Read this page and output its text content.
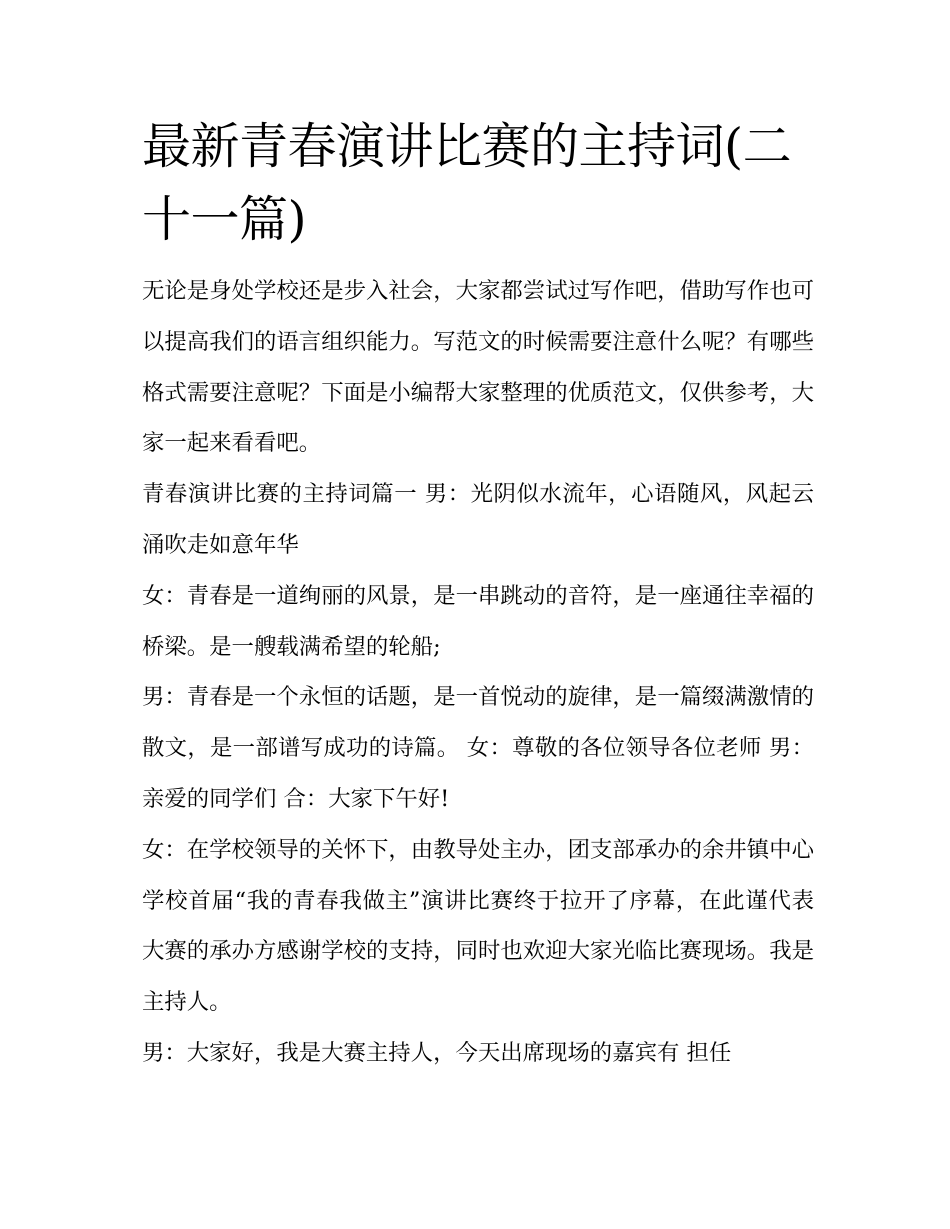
最新青春演讲比赛的主持词(二十一篇)

无论是身处学校还是步入社会，大家都尝试过写作吧，借助写作也可以提高我们的语言组织能力。写范文的时候需要注意什么呢？有哪些格式需要注意呢？下面是小编帮大家整理的优质范文，仅供参考，大家一起来看看吧。

青春演讲比赛的主持词篇一 男：光阴似水流年，心语随风，风起云涌吹走如意年华

女：青春是一道绚丽的风景，是一串跳动的音符，是一座通往幸福的桥梁。是一艘载满希望的轮船;

男：青春是一个永恒的话题，是一首悦动的旋律，是一篇缀满激情的散文，是一部谱写成功的诗篇。 女：尊敬的各位领导各位老师 男：亲爱的同学们 合：大家下午好!

女：在学校领导的关怀下，由教导处主办，团支部承办的余井镇中心学校首届“我的青春我做主”演讲比赛终于拉开了序幕，在此谨代表大赛的承办方感谢学校的支持，同时也欢迎大家光临比赛现场。我是主持人。

男：大家好，我是大赛主持人，今天出席现场的嘉宾有 担任
